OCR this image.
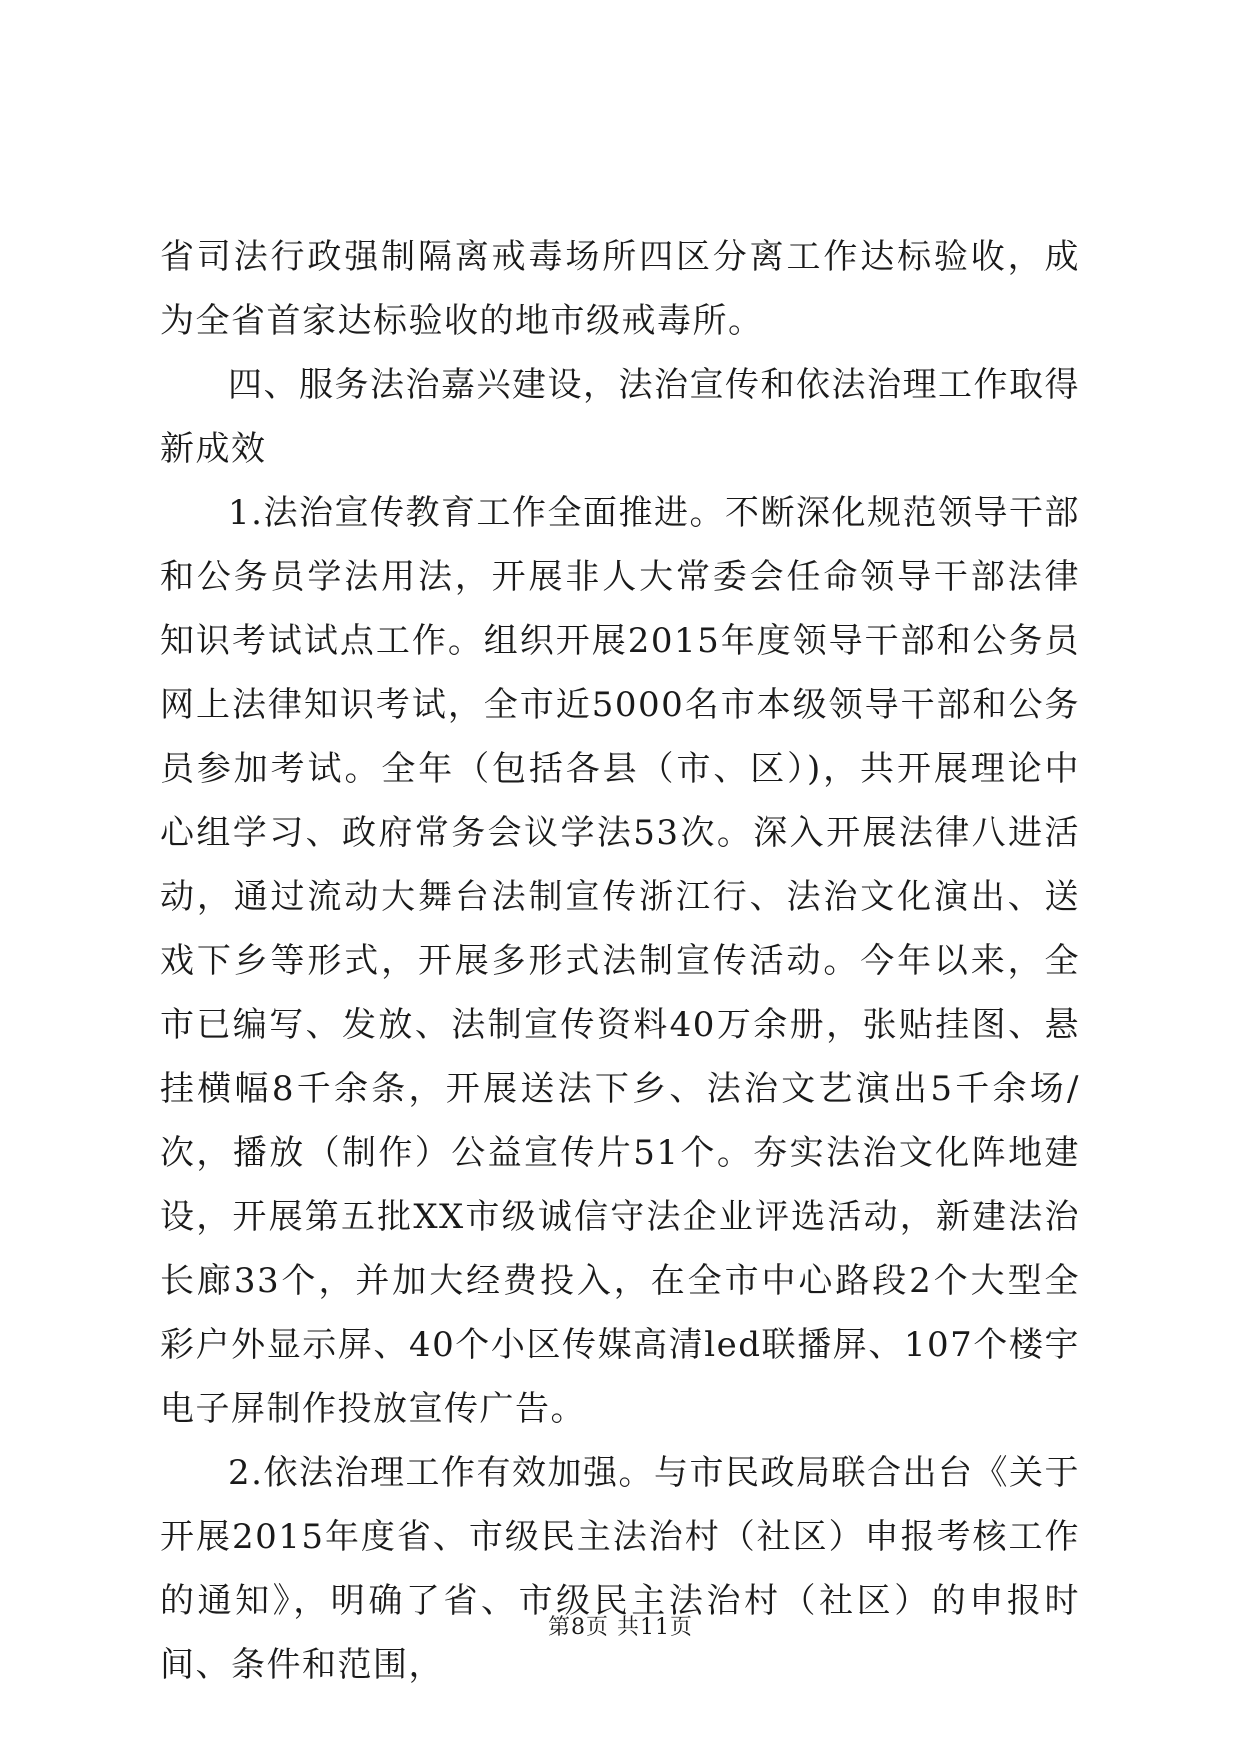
省司法行政强制隔离戒毒场所四区分离工作达标验收，成为全省首家达标验收的地市级戒毒所。

四、服务法治嘉兴建设，法治宣传和依法治理工作取得新成效

1.法治宣传教育工作全面推进。不断深化规范领导干部和公务员学法用法，开展非人大常委会任命领导干部法律知识考试试点工作。组织开展2015年度领导干部和公务员网上法律知识考试，全市近5000名市本级领导干部和公务员参加考试。全年（包括各县（市、区）)，共开展理论中心组学习、政府常务会议学法53次。深入开展法律八进活动，通过流动大舞台法制宣传浙江行、法治文化演出、送戏下乡等形式，开展多形式法制宣传活动。今年以来，全市已编写、发放、法制宣传资料40万余册，张贴挂图、悬挂横幅8千余条，开展送法下乡、法治文艺演出5千余场/次，播放（制作）公益宣传片51个。夯实法治文化阵地建设，开展第五批XX市级诚信守法企业评选活动，新建法治长廊33个，并加大经费投入，在全市中心路段2个大型全彩户外显示屏、40个小区传媒高清led联播屏、107个楼宇电子屏制作投放宣传广告。

2.依法治理工作有效加强。与市民政局联合出台《关于开展2015年度省、市级民主法治村（社区）申报考核工作的通知》，明确了省、市级民主法治村（社区）的申报时间、条件和范围，

第8页 共11页
